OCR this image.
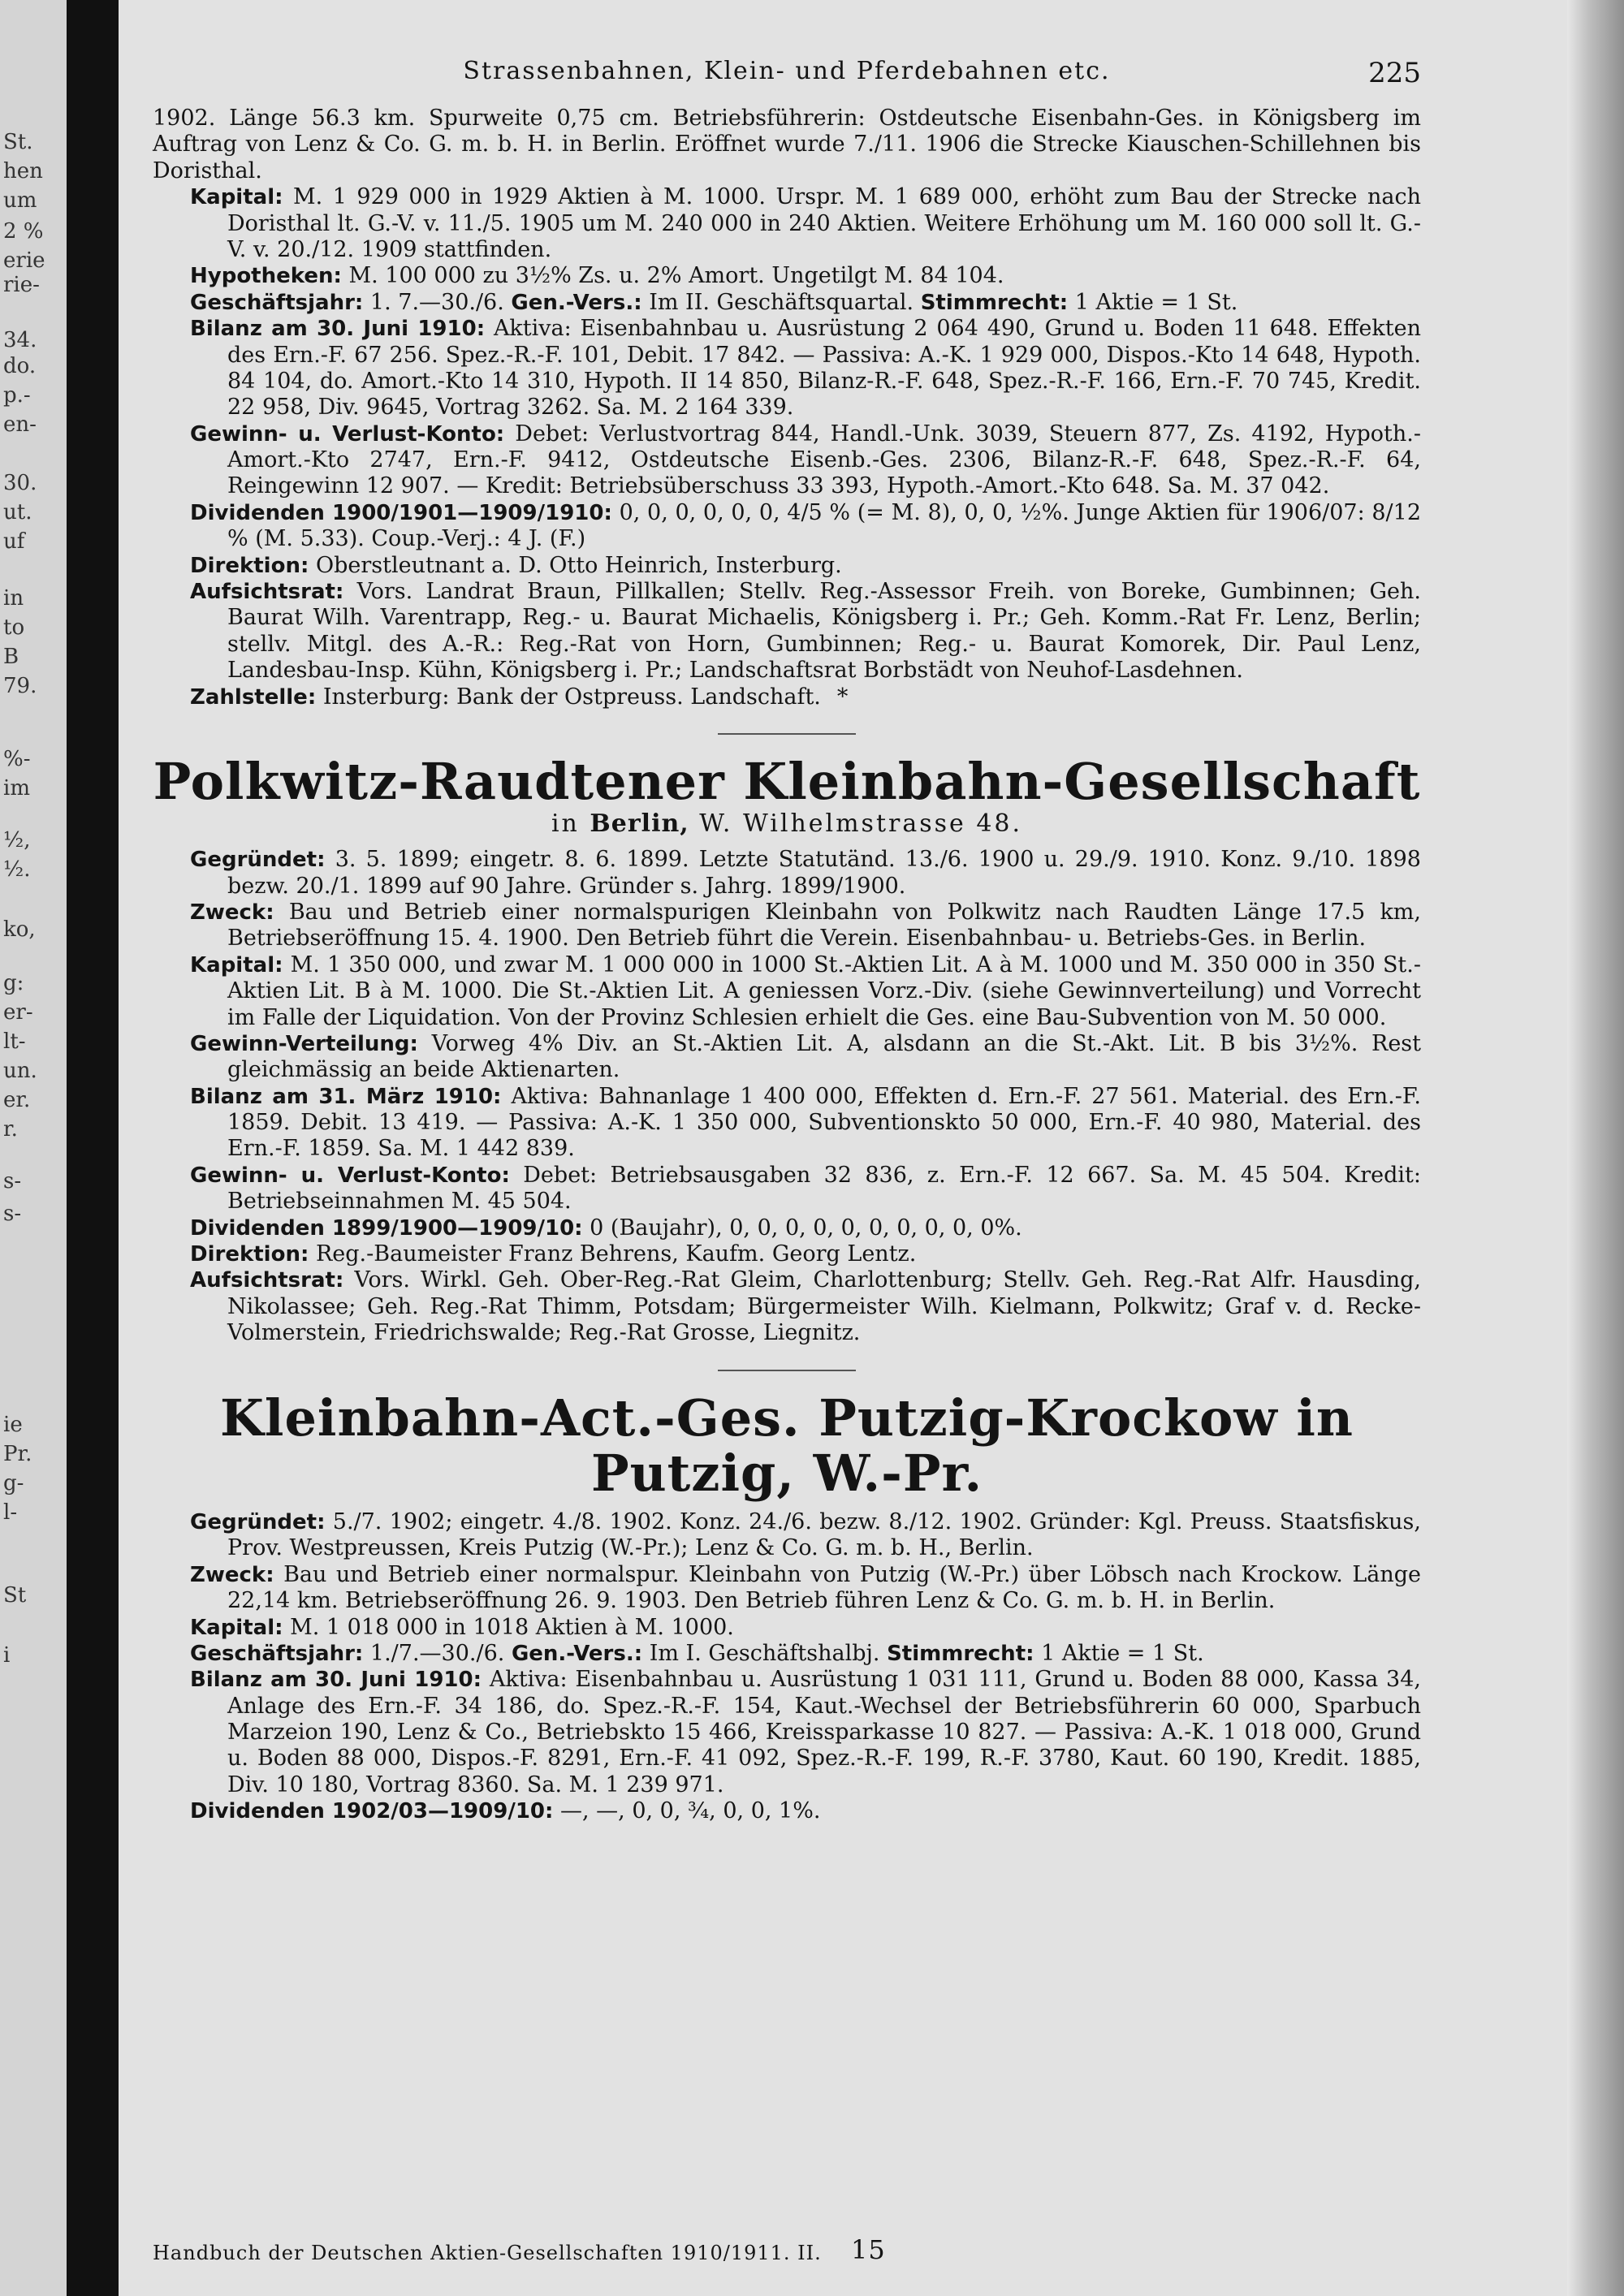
St.
hen
um
2 %
erie
rie-
34.
do.
p.-
en-
30.
ut.
uf
in
to
B
79.
%-
im
½,
½.
ko,
g:
er-
lt-
un.
er.
r.
s-
s-
ie
Pr.
g-
l-
St
i
Strassenbahnen, Klein- und Pferdebahnen etc.	225

1902. Länge 56.3 km. Spurweite 0,75 cm. Betriebsführerin: Ostdeutsche Eisenbahn-Ges. in Königsberg im Auftrag von Lenz & Co. G. m. b. H. in Berlin. Eröffnet wurde 7./11. 1906 die Strecke Kiauschen-Schillehnen bis Doristhal.

Kapital: M. 1 929 000 in 1929 Aktien à M. 1000. Urspr. M. 1 689 000, erhöht zum Bau der Strecke nach Doristhal lt. G.-V. v. 11./5. 1905 um M. 240 000 in 240 Aktien. Weitere Erhöhung um M. 160 000 soll lt. G.-V. v. 20./12. 1909 stattfinden.

Hypotheken: M. 100 000 zu 3½% Zs. u. 2% Amort. Ungetilgt M. 84 104.

Geschäftsjahr: 1. 7.—30./6. Gen.-Vers.: Im II. Geschäftsquartal. Stimmrecht: 1 Aktie = 1 St.

Bilanz am 30. Juni 1910: Aktiva: Eisenbahnbau u. Ausrüstung 2 064 490, Grund u. Boden 11 648. Effekten des Ern.-F. 67 256. Spez.-R.-F. 101, Debit. 17 842. — Passiva: A.-K. 1 929 000, Dispos.-Kto 14 648, Hypoth. 84 104, do. Amort.-Kto 14 310, Hypoth. II 14 850, Bilanz-R.-F. 648, Spez.-R.-F. 166, Ern.-F. 70 745, Kredit. 22 958, Div. 9645, Vortrag 3262. Sa. M. 2 164 339.

Gewinn- u. Verlust-Konto: Debet: Verlustvortrag 844, Handl.-Unk. 3039, Steuern 877, Zs. 4192, Hypoth.-Amort.-Kto 2747, Ern.-F. 9412, Ostdeutsche Eisenb.-Ges. 2306, Bilanz-R.-F. 648, Spez.-R.-F. 64, Reingewinn 12 907. — Kredit: Betriebsüberschuss 33 393, Hypoth.-Amort.-Kto 648. Sa. M. 37 042.

Dividenden 1900/1901—1909/1910: 0, 0, 0, 0, 0, 0, 4/5 % (= M. 8), 0, 0, ½%. Junge Aktien für 1906/07: 8/12 % (M. 5.33). Coup.-Verj.: 4 J. (F.)

Direktion: Oberstleutnant a. D. Otto Heinrich, Insterburg.

Aufsichtsrat: Vors. Landrat Braun, Pillkallen; Stellv. Reg.-Assessor Freih. von Boreke, Gumbinnen; Geh. Baurat Wilh. Varentrapp, Reg.- u. Baurat Michaelis, Königsberg i. Pr.; Geh. Komm.-Rat Fr. Lenz, Berlin; stellv. Mitgl. des A.-R.: Reg.-Rat von Horn, Gumbinnen; Reg.- u. Baurat Komorek, Dir. Paul Lenz, Landesbau-Insp. Kühn, Königsberg i. Pr.; Landschaftsrat Borbstädt von Neuhof-Lasdehnen.

Zahlstelle: Insterburg: Bank der Ostpreuss. Landschaft. *

Polkwitz-Raudtener Kleinbahn-Gesellschaft
in Berlin, W. Wilhelmstrasse 48.

Gegründet: 3. 5. 1899; eingetr. 8. 6. 1899. Letzte Statutänd. 13./6. 1900 u. 29./9. 1910. Konz. 9./10. 1898 bezw. 20./1. 1899 auf 90 Jahre. Gründer s. Jahrg. 1899/1900.

Zweck: Bau und Betrieb einer normalspurigen Kleinbahn von Polkwitz nach Raudten Länge 17.5 km, Betriebseröffnung 15. 4. 1900. Den Betrieb führt die Verein. Eisenbahnbau- u. Betriebs-Ges. in Berlin.

Kapital: M. 1 350 000, und zwar M. 1 000 000 in 1000 St.-Aktien Lit. A à M. 1000 und M. 350 000 in 350 St.-Aktien Lit. B à M. 1000. Die St.-Aktien Lit. A geniessen Vorz.-Div. (siehe Gewinnverteilung) und Vorrecht im Falle der Liquidation. Von der Provinz Schlesien erhielt die Ges. eine Bau-Subvention von M. 50 000.

Gewinn-Verteilung: Vorweg 4% Div. an St.-Aktien Lit. A, alsdann an die St.-Akt. Lit. B bis 3½%. Rest gleichmässig an beide Aktienarten.

Bilanz am 31. März 1910: Aktiva: Bahnanlage 1 400 000, Effekten d. Ern.-F. 27 561. Material. des Ern.-F. 1859. Debit. 13 419. — Passiva: A.-K. 1 350 000, Subventionskto 50 000, Ern.-F. 40 980, Material. des Ern.-F. 1859. Sa. M. 1 442 839.

Gewinn- u. Verlust-Konto: Debet: Betriebsausgaben 32 836, z. Ern.-F. 12 667. Sa. M. 45 504. Kredit: Betriebseinnahmen M. 45 504.

Dividenden 1899/1900—1909/10: 0 (Baujahr), 0, 0, 0, 0, 0, 0, 0, 0, 0, 0%.

Direktion: Reg.-Baumeister Franz Behrens, Kaufm. Georg Lentz.

Aufsichtsrat: Vors. Wirkl. Geh. Ober-Reg.-Rat Gleim, Charlottenburg; Stellv. Geh. Reg.-Rat Alfr. Hausding, Nikolassee; Geh. Reg.-Rat Thimm, Potsdam; Bürgermeister Wilh. Kielmann, Polkwitz; Graf v. d. Recke-Volmerstein, Friedrichswalde; Reg.-Rat Grosse, Liegnitz.

Kleinbahn-Act.-Ges. Putzig-Krockow in Putzig, W.-Pr.

Gegründet: 5./7. 1902; eingetr. 4./8. 1902. Konz. 24./6. bezw. 8./12. 1902. Gründer: Kgl. Preuss. Staatsfiskus, Prov. Westpreussen, Kreis Putzig (W.-Pr.); Lenz & Co. G. m. b. H., Berlin.

Zweck: Bau und Betrieb einer normalspur. Kleinbahn von Putzig (W.-Pr.) über Löbsch nach Krockow. Länge 22,14 km. Betriebseröffnung 26. 9. 1903. Den Betrieb führen Lenz & Co. G. m. b. H. in Berlin.

Kapital: M. 1 018 000 in 1018 Aktien à M. 1000.

Geschäftsjahr: 1./7.—30./6. Gen.-Vers.: Im I. Geschäftshalbj. Stimmrecht: 1 Aktie = 1 St.

Bilanz am 30. Juni 1910: Aktiva: Eisenbahnbau u. Ausrüstung 1 031 111, Grund u. Boden 88 000, Kassa 34, Anlage des Ern.-F. 34 186, do. Spez.-R.-F. 154, Kaut.-Wechsel der Betriebsführerin 60 000, Sparbuch Marzeion 190, Lenz & Co., Betriebskto 15 466, Kreissparkasse 10 827. — Passiva: A.-K. 1 018 000, Grund u. Boden 88 000, Dispos.-F. 8291, Ern.-F. 41 092, Spez.-R.-F. 199, R.-F. 3780, Kaut. 60 190, Kredit. 1885, Div. 10 180, Vortrag 8360. Sa. M. 1 239 971.

Dividenden 1902/03—1909/10: —, —, 0, 0, ¾, 0, 0, 1%.

Handbuch der Deutschen Aktien-Gesellschaften 1910/1911. II. 15
